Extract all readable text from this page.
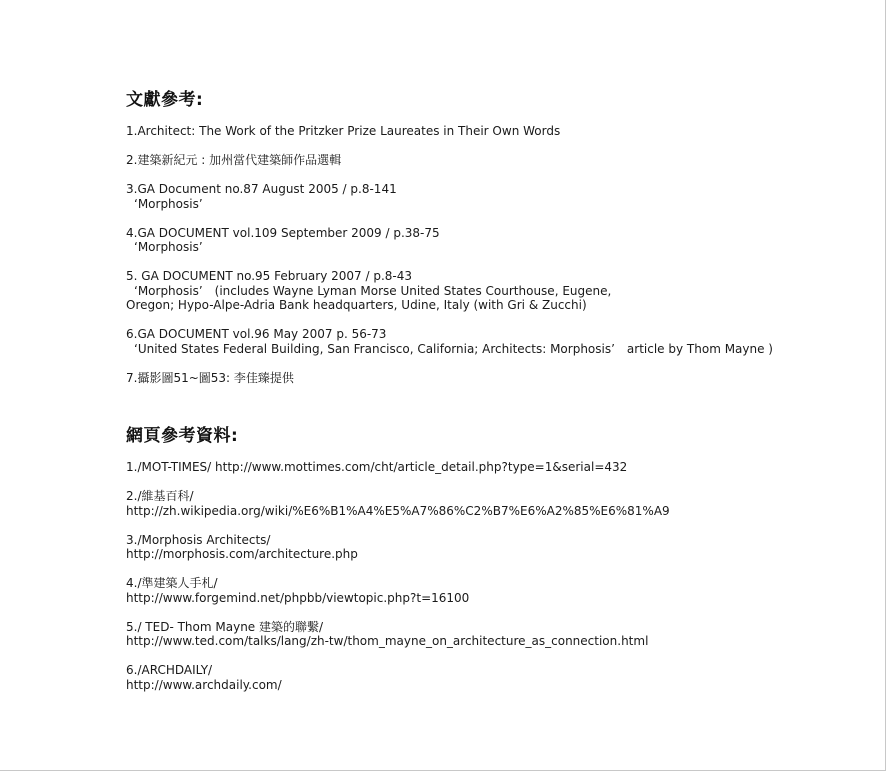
文獻參考:

1.Architect: The Work of the Pritzker Prize Laureates in Their Own Words

2.建築新紀元 : 加州當代建築師作品選輯

3.GA Document no.87 August 2005 / p.8-141
‘Morphosis’

4.GA DOCUMENT vol.109 September 2009 / p.38-75
‘Morphosis’

5. GA DOCUMENT no.95 February 2007 / p.8-43
‘Morphosis’　(includes Wayne Lyman Morse United States Courthouse, Eugene,
Oregon; Hypo-Alpe-Adria Bank headquarters, Udine, Italy (with Gri & Zucchi)

6.GA DOCUMENT vol.96 May 2007 p. 56-73
‘United States Federal Building, San Francisco, California; Architects: Morphosis’　article by Thom Mayne )

7.攝影圖51~圖53: 李佳臻提供

網頁參考資料:

1./MOT-TIMES/ http://www.mottimes.com/cht/article_detail.php?type=1&serial=432

2./維基百科/
http://zh.wikipedia.org/wiki/%E6%B1%A4%E5%A7%86%C2%B7%E6%A2%85%E6%81%A9

3./Morphosis Architects/
http://morphosis.com/architecture.php

4./準建築人手札/
http://www.forgemind.net/phpbb/viewtopic.php?t=16100

5./ TED- Thom Mayne 建築的聯繫/
http://www.ted.com/talks/lang/zh-tw/thom_mayne_on_architecture_as_connection.html

6./ARCHDAILY/
http://www.archdaily.com/
